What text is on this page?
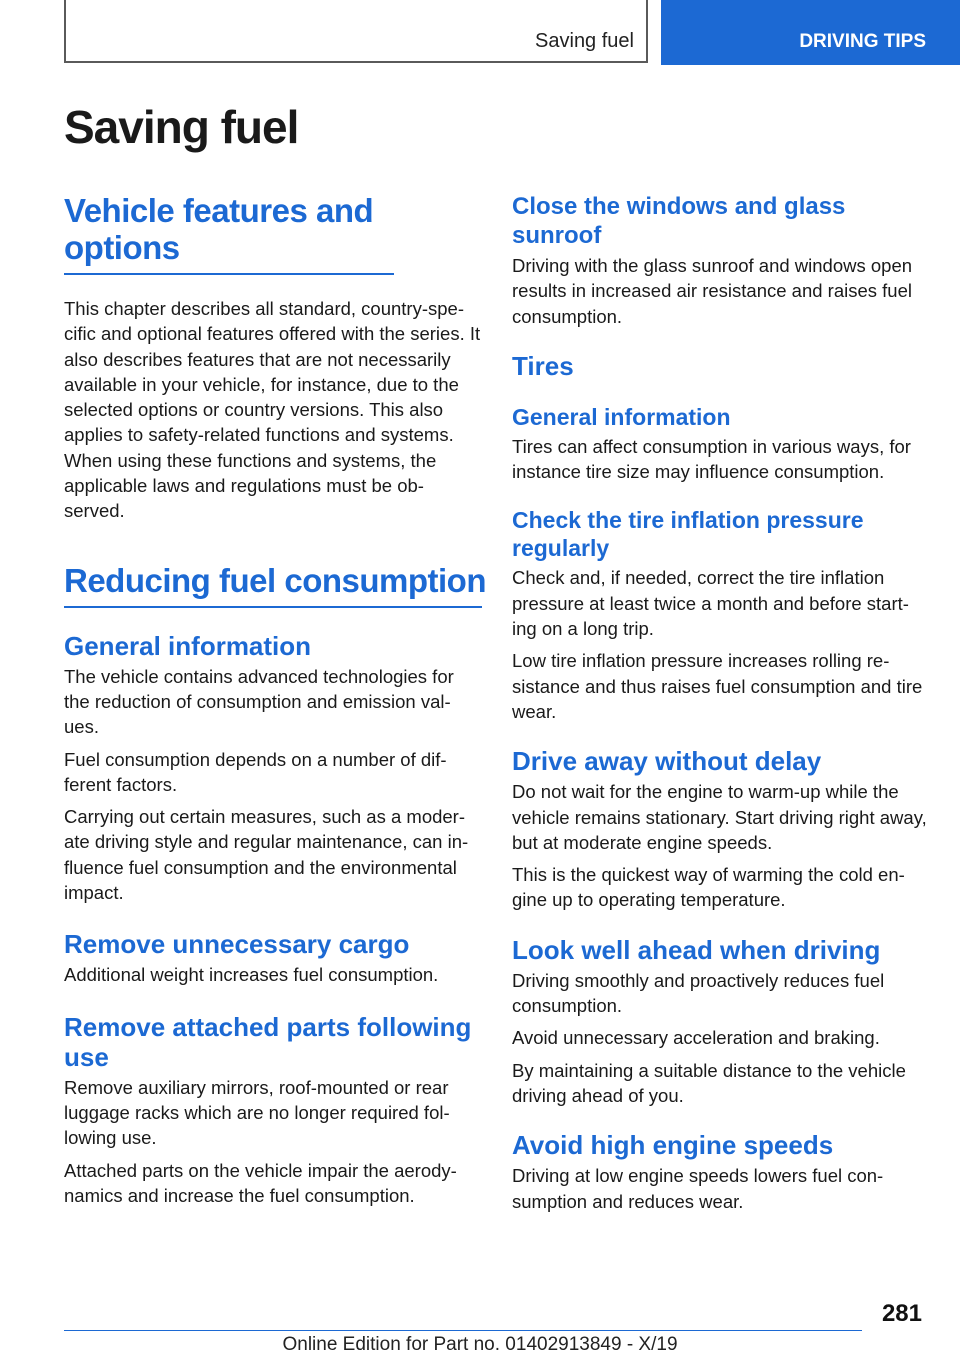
Saving fuel	DRIVING TIPS
Saving fuel
Vehicle features and options

This chapter describes all standard, country-spe-cific and optional features offered with the series. It also describes features that are not necessarily available in your vehicle, for instance, due to the selected options or country versions. This also applies to safety-related functions and systems. When using these functions and systems, the applicable laws and regulations must be ob-served.

Reducing fuel consumption
General information

The vehicle contains advanced technologies for the reduction of consumption and emission val-ues.

Fuel consumption depends on a number of dif-ferent factors.

Carrying out certain measures, such as a moder-ate driving style and regular maintenance, can in-fluence fuel consumption and the environmental impact.

Remove unnecessary cargo

Additional weight increases fuel consumption.

Remove attached parts following use

Remove auxiliary mirrors, roof-mounted or rear luggage racks which are no longer required fol-lowing use.

Attached parts on the vehicle impair the aerody-namics and increase the fuel consumption.

Close the windows and glass sunroof

Driving with the glass sunroof and windows open results in increased air resistance and raises fuel consumption.

Tires
General information

Tires can affect consumption in various ways, for instance tire size may influence consumption.

Check the tire inflation pressure regularly

Check and, if needed, correct the tire inflation pressure at least twice a month and before start-ing on a long trip.

Low tire inflation pressure increases rolling re-sistance and thus raises fuel consumption and tire wear.

Drive away without delay

Do not wait for the engine to warm-up while the vehicle remains stationary. Start driving right away, but at moderate engine speeds.

This is the quickest way of warming the cold en-gine up to operating temperature.

Look well ahead when driving

Driving smoothly and proactively reduces fuel consumption.

Avoid unnecessary acceleration and braking.

By maintaining a suitable distance to the vehicle driving ahead of you.

Avoid high engine speeds

Driving at low engine speeds lowers fuel con-sumption and reduces wear.

281
Online Edition for Part no. 01402913849 - X/19
